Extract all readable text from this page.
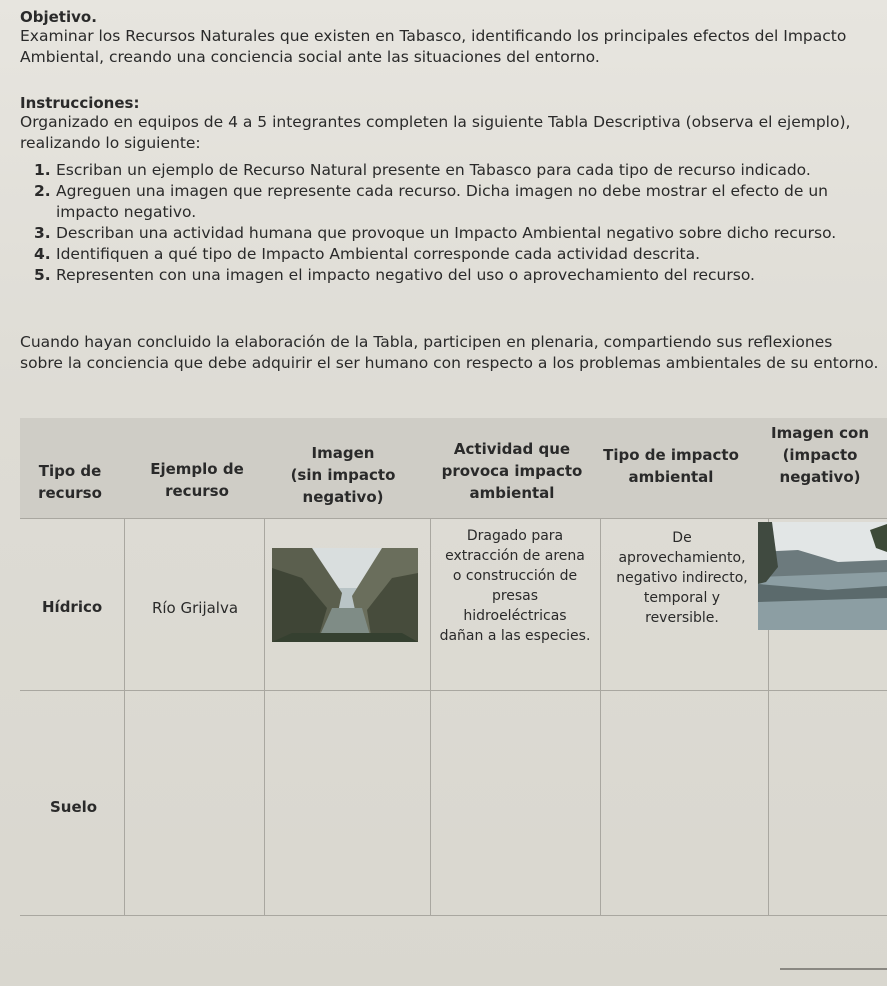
Objetivo.
Examinar los Recursos Naturales que existen en Tabasco, identificando los principales efectos del Impacto Ambiental, creando una conciencia social ante las situaciones del entorno.
Instrucciones:
Organizado en equipos de 4 a 5 integrantes completen la siguiente Tabla Descriptiva (observa el ejemplo), realizando lo siguiente:
1. Escriban un ejemplo de Recurso Natural presente en Tabasco para cada tipo de recurso indicado.
2. Agreguen una imagen que represente cada recurso. Dicha imagen no debe mostrar el efecto de un impacto negativo.
3. Describan una actividad humana que provoque un Impacto Ambiental negativo sobre dicho recurso.
4. Identifiquen a qué tipo de Impacto Ambiental corresponde cada actividad descrita.
5. Representen con una imagen el impacto negativo del uso o aprovechamiento del recurso.
Cuando hayan concluido la elaboración de la Tabla, participen en plenaria, compartiendo sus reflexiones sobre la conciencia que debe adquirir el ser humano con respecto a los problemas ambientales de su entorno.
Tipo de
recurso
Ejemplo de
recurso
Imagen
(sin impacto
negativo)
Actividad que
provoca impacto
ambiental
Tipo de impacto
ambiental
Imagen con
(impacto
negativo)
Hídrico	Río Grijalva
Dragado para
extracción de arena
o construcción de
presas
hidroeléctricas
dañan a las especies.
De
aprovechamiento,
negativo indirecto,
temporal y
reversible.
Suelo
